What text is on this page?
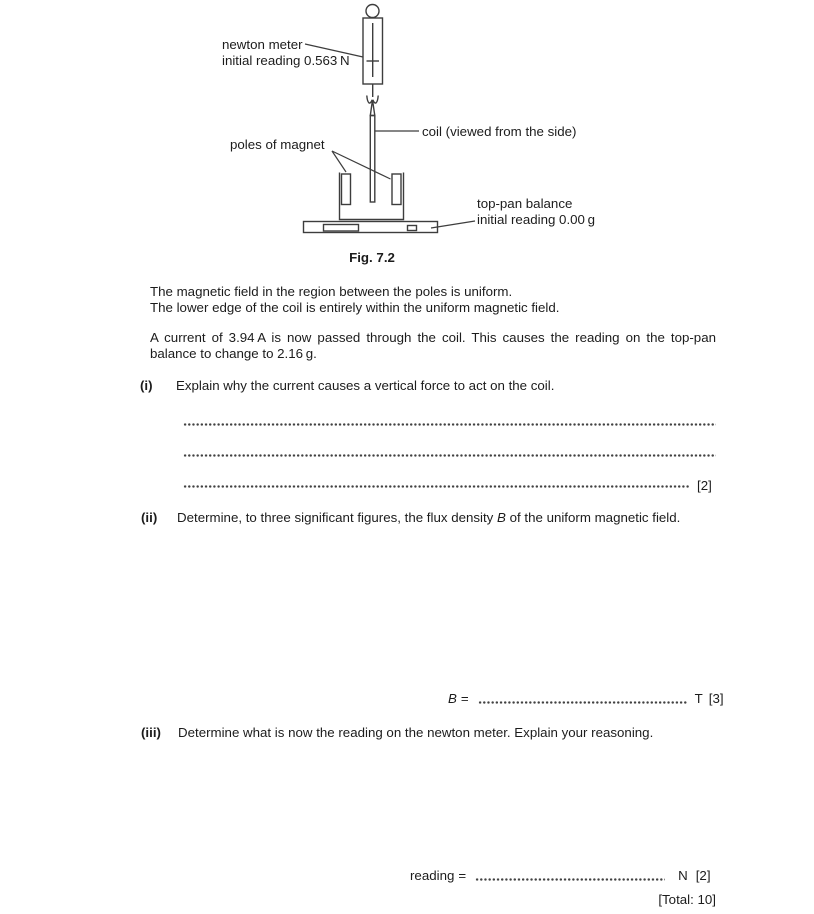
newton meter
initial reading 0.563 N
coil (viewed from the side)
poles of magnet
top-pan balance
initial reading 0.00 g
Fig. 7.2
The magnetic field in the region between the poles is uniform.
The lower edge of the coil is entirely within the uniform magnetic field.
A current of 3.94 A is now passed through the coil. This causes the reading on the top-pan balance to change to 2.16 g.
(i) Explain why the current causes a vertical force to act on the coil.
[2]
(ii) Determine, to three significant figures, the flux density B of the uniform magnetic field.
B =	T [3]
(iii) Determine what is now the reading on the newton meter. Explain your reasoning.
reading =	N [2]
[Total: 10]
